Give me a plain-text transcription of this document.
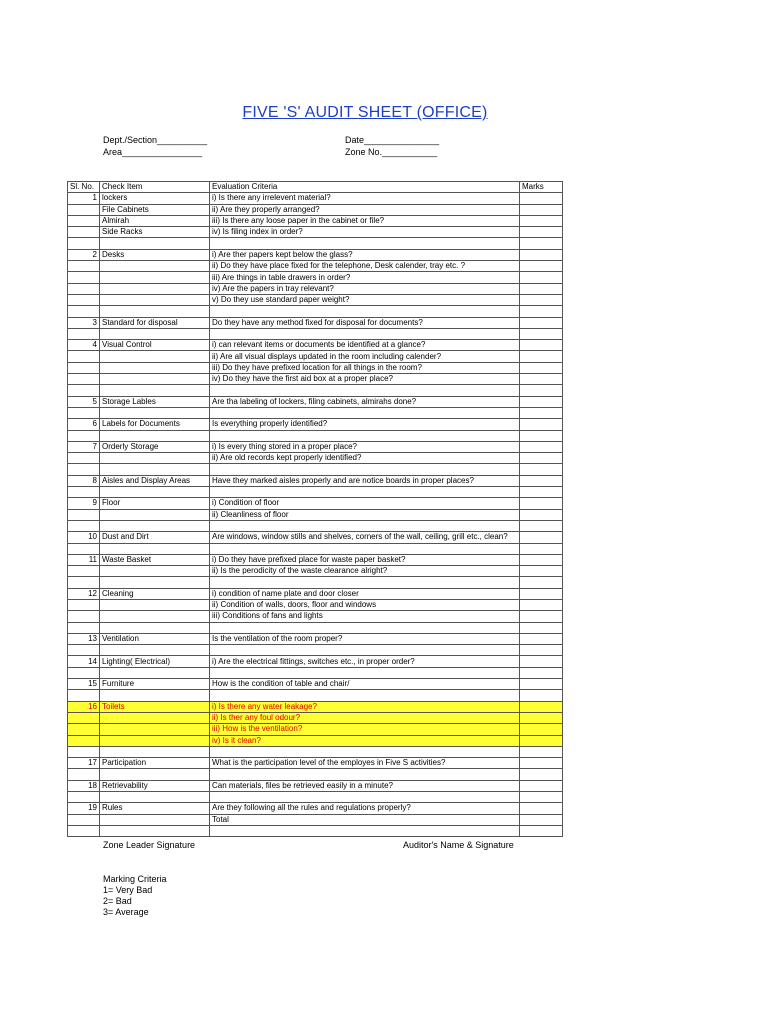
FIVE 'S' AUDIT SHEET (OFFICE)
Dept./Section__________
Area________________
Date_______________
Zone No.___________
Sl. No.	Check Item	Evaluation Criteria	Marks
1	lockers	i) Is there any irrelevent material?	
	File Cabinets	ii) Are they properly arranged?	
	Almirah	iii) Is there any loose paper in the cabinet or file?	
	Side Racks	iv) Is filing index in order?	

2	Desks	i) Are ther papers kept below the glass?	
		ii) Do they have place fixed for the telephone, Desk calender, tray etc. ?	
		iii) Are things in table drawers in order?	
		iv) Are the papers in tray relevant?	
		v) Do they use standard paper weight?	

3	Standard for disposal	Do they have any method fixed for disposal for documents?	

4	Visual Control	i) can relevant items or documents be identified at a glance?	
		ii) Are all visual displays updated in the room including calender?	
		iii) Do they have prefixed location for all things in the room?	
		iv) Do they have the first aid box at a proper place?	

5	Storage Lables	Are tha labeling of lockers, filing cabinets, almirahs done?	

6	Labels for Documents	Is everything properly identified?	

7	Orderly Storage	i) Is every thing stored in a proper place?	
		ii) Are old records kept properly identified?	

8	Aisles and Display Areas	Have they marked aisles properly and are notice boards in proper places?	

9	Floor	i) Condition of floor	
		ii) Cleanliness of floor	

10	Dust and Dirt	Are windows, window stills and shelves, corners of the wall, ceiling, grill etc., clean?	

11	Waste Basket	i) Do they have prefixed place for waste paper basket?	
		ii) Is the perodicity of the waste clearance alright?	

12	Cleaning	i) condition of name plate and door closer	
		ii) Condition of walls, doors, floor and windows	
		iii) Conditions of fans and lights	

13	Ventilation	Is the ventilation of the room proper?	

14	Lighting( Electrical)	i) Are the electrical fittings, switches etc., in proper order?	

15	Furniture	How is the condition of table and chair/	

16	Toilets	i) Is there any water leakage?	
		ii) Is ther any foul odour?	
		iii) How is the ventilation?	
		iv) Is it clean?	

17	Participation	What is the participation level of the employes in Five S activities?	

18	Retrievability	Can materials, files be retrieved easily in a minute?	

19	Rules	Are they following all the rules and regulations properly?	
		Total	

Zone Leader Signature	Auditor's Name & Signature
Marking Criteria
1= Very Bad
2= Bad
3= Average
